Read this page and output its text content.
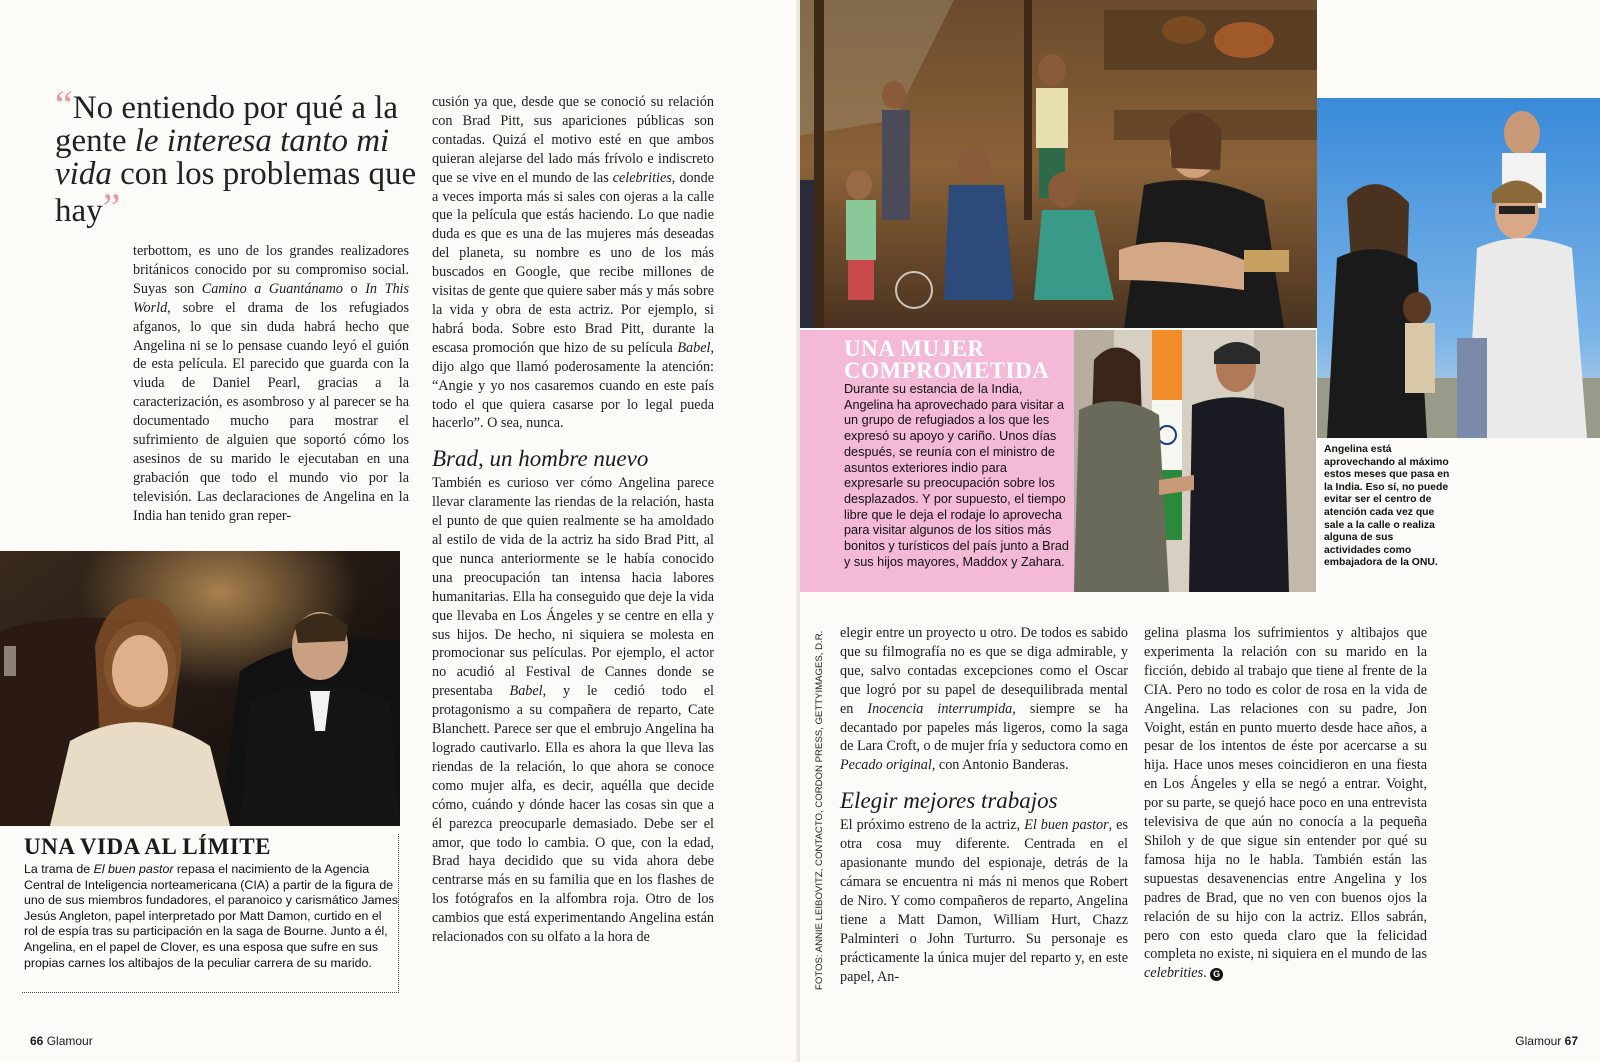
“No entiendo por qué a la gente le interesa tanto mi vida con los problemas que hay”

terbottom, es uno de los grandes realizadores británicos conocido por su compromiso social. Suyas son Camino a Guantánamo o In This World, sobre el drama de los refugiados afganos, lo que sin duda habrá hecho que Angelina ni se lo pensase cuando leyó el guión de esta película. El parecido que guarda con la viuda de Daniel Pearl, gracias a la caracterización, es asombroso y al parecer se ha documentado mucho para mostrar el sufrimiento de alguien que soportó cómo los asesinos de su marido le ejecutaban en una grabación que todo el mundo vio por la televisión. Las declaraciones de Angelina en la India han tenido gran reper-

cusión ya que, desde que se conoció su relación con Brad Pitt, sus apariciones públicas son contadas. Quizá el motivo esté en que ambos quieran alejarse del lado más frívolo e indiscreto que se vive en el mundo de las celebrities, donde a veces importa más si sales con ojeras a la calle que la película que estás haciendo. Lo que nadie duda es que es una de las mujeres más deseadas del planeta, su nombre es uno de los más buscados en Google, que recibe millones de visitas de gente que quiere saber más y más sobre la vida y obra de esta actriz. Por ejemplo, si habrá boda. Sobre esto Brad Pitt, durante la escasa promoción que hizo de su película Babel, dijo algo que llamó poderosamente la atención: “Angie y yo nos casaremos cuando en este país todo el que quiera casarse por lo legal pueda hacerlo”. O sea, nunca.

Brad, un hombre nuevo

También es curioso ver cómo Angelina parece llevar claramente las riendas de la relación, hasta el punto de que quien realmente se ha amoldado al estilo de vida de la actriz ha sido Brad Pitt, al que nunca anteriormente se le había conocido una preocupación tan intensa hacia labores humanitarias. Ella ha conseguido que deje la vida que llevaba en Los Ángeles y se centre en ella y sus hijos. De hecho, ni siquiera se molesta en promocionar sus películas. Por ejemplo, el actor no acudió al Festival de Cannes donde se presentaba Babel, y le cedió todo el protagonismo a su compañera de reparto, Cate Blanchett. Parece ser que el embrujo Angelina ha logrado cautivarlo. Ella es ahora la que lleva las riendas de la relación, lo que ahora se conoce como mujer alfa, es decir, aquélla que decide cómo, cuándo y dónde hacer las cosas sin que a él parezca preocuparle demasiado. Debe ser el amor, que todo lo cambia. O que, con la edad, Brad haya decidido que su vida ahora debe centrarse más en su familia que en los flashes de los fotógrafos en la alfombra roja. Otro de los cambios que está experimentando Angelina están relacionados con su olfato a la hora de

UNA VIDA AL LÍMITE

La trama de El buen pastor repasa el nacimiento de la Agencia Central de Inteligencia norteamericana (CIA) a partir de la figura de uno de sus miembros fundadores, el paranoico y carismático James Jesús Angleton, papel interpretado por Matt Damon, curtido en el rol de espía tras su participación en la saga de Bourne. Junto a él, Angelina, en el papel de Clover, es una esposa que sufre en sus propias carnes los altibajos de la peculiar carrera de su marido.

66 Glamour
UNA MUJER COMPROMETIDA

Durante su estancia de la India, Angelina ha aprovechado para visitar a un grupo de refugiados a los que les expresó su apoyo y cariño. Unos días después, se reunía con el ministro de asuntos exteriores indio para expresarle su preocupación sobre los desplazados. Y por supuesto, el tiempo libre que le deja el rodaje lo aprovecha para visitar algunos de los sitios más bonitos y turísticos del país junto a Brad y sus hijos mayores, Maddox y Zahara.

Angelina está aprovechando al máximo estos meses que pasa en la India. Eso sí, no puede evitar ser el centro de atención cada vez que sale a la calle o realiza alguna de sus actividades como embajadora de la ONU.

FOTOS: ANNIE LEIBOVITZ, CONTACTO, CORDON PRESS, GETTYIMAGES, D.R. elegir entre un proyecto u otro. De todos es sabido que su filmografía no es que se diga admirable, y que, salvo contadas excepciones como el Oscar que logró por su papel de desequilibrada mental en Inocencia interrumpida, siempre se ha decantado por papeles más ligeros, como la saga de Lara Croft, o de mujer fría y seductora como en Pecado original, con Antonio Banderas.

Elegir mejores trabajos

El próximo estreno de la actriz, El buen pastor, es otra cosa muy diferente. Centrada en el apasionante mundo del espionaje, detrás de la cámara se encuentra ni más ni menos que Robert de Niro. Y como compañeros de reparto, Angelina tiene a Matt Damon, William Hurt, Chazz Palminteri o John Turturro. Su personaje es prácticamente la única mujer del reparto y, en este papel, An-

gelina plasma los sufrimientos y altibajos que experimenta la relación con su marido en la ficción, debido al trabajo que tiene al frente de la CIA. Pero no todo es color de rosa en la vida de Angelina. Las relaciones con su padre, Jon Voight, están en punto muerto desde hace años, a pesar de los intentos de éste por acercarse a su hija. Hace unos meses coincidieron en una fiesta en Los Ángeles y ella se negó a entrar. Voight, por su parte, se quejó hace poco en una entrevista televisiva de que aún no conocía a la pequeña Shiloh y de que sigue sin entender por qué su famosa hija no le habla. También están las supuestas desavenencias entre Angelina y los padres de Brad, que no ven con buenos ojos la relación de su hijo con la actriz. Ellos sabrán, pero con esto queda claro que la felicidad completa no existe, ni siquiera en el mundo de las celebrities. G

Glamour 67
